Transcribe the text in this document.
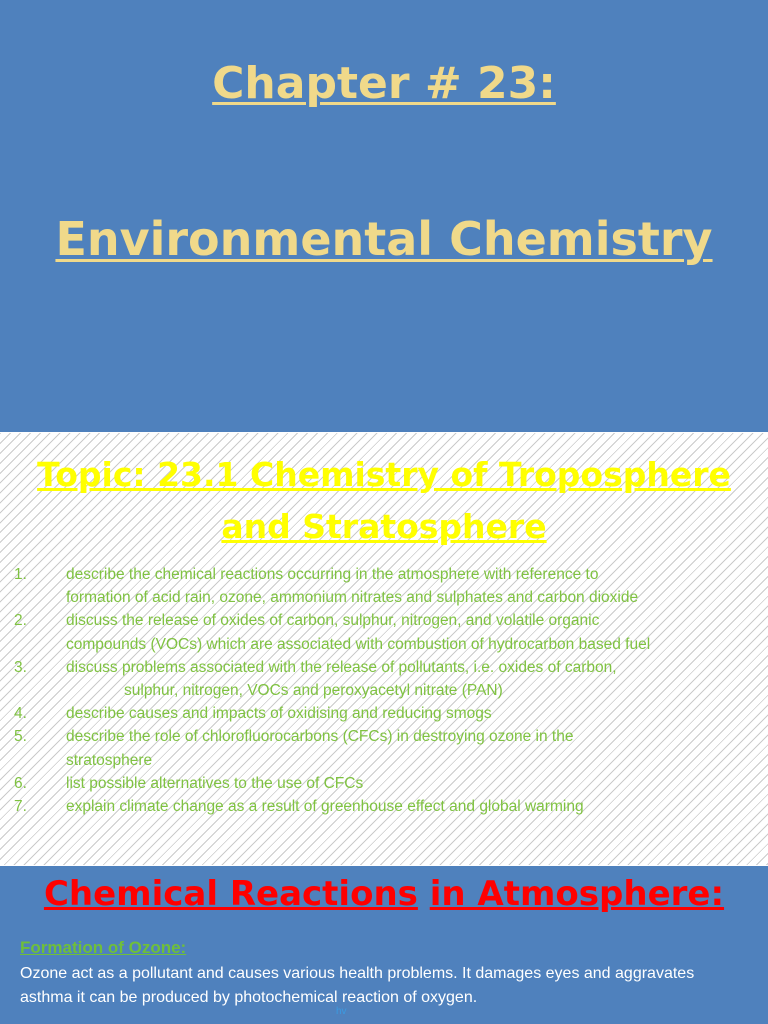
Chapter # 23:
Environmental Chemistry
Topic: 23.1 Chemistry of Troposphere and Stratosphere
1.	describe the chemical reactions occurring in the atmosphere with reference to
formation of acid rain, ozone, ammonium nitrates and sulphates and carbon dioxide
2.	discuss the release of oxides of carbon, sulphur, nitrogen, and volatile organic
compounds (VOCs) which are associated with combustion of hydrocarbon based fuel
3.	discuss problems associated with the release of pollutants, i.e. oxides of carbon,
sulphur, nitrogen, VOCs and peroxyacetyl nitrate (PAN)
4.	describe causes and impacts of oxidising and reducing smogs
5.	describe the role of chlorofluorocarbons (CFCs) in destroying ozone in the
stratosphere
6.	list possible alternatives to the use of CFCs
7.	explain climate change as a result of greenhouse effect and global warming
Chemical Reactions in Atmosphere:
Formation of Ozone:
Ozone act as a pollutant and causes various health problems. It damages eyes and aggravates asthma it can be produced by photochemical reaction of oxygen.
hv
